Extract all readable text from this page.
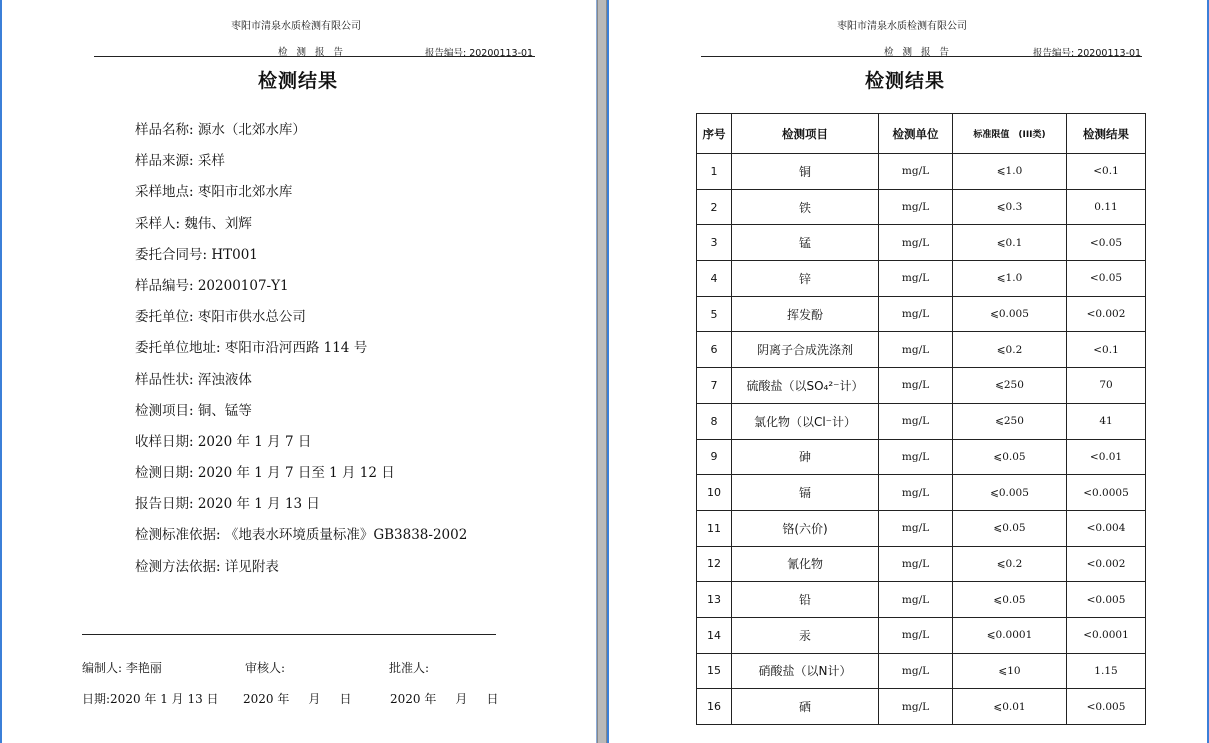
枣阳市清泉水质检测有限公司
检 测 报 告	报告编号: 20200113-01
检测结果
样品名称: 源水（北郊水库）
样品来源: 采样
采样地点: 枣阳市北郊水库
采样人: 魏伟、刘辉
委托合同号: HT001
样品编号: 20200107-Y1
委托单位: 枣阳市供水总公司
委托单位地址: 枣阳市沿河西路 114 号
样品性状: 浑浊液体
检测项目: 铜、锰等
收样日期: 2020 年 1 月 7 日
检测日期: 2020 年 1 月 7 日至 1 月 12 日
报告日期: 2020 年 1 月 13 日
检测标准依据: 《地表水环境质量标准》GB3838-2002
检测方法依据: 详见附表
编制人: 李艳丽	审核人:	批准人:
日期:2020 年 1 月 13 日 2020 年     月     日	2020 年     月     日
枣阳市清泉水质检测有限公司
检 测 报 告	报告编号: 20200113-01
检测结果
序号	检测项目	检测单位	标准限值　(III类)	检测结果
1	铜	mg/L	⩽1.0	<0.1
2	铁	mg/L	⩽0.3	0.11
3	锰	mg/L	⩽0.1	<0.05
4	锌	mg/L	⩽1.0	<0.05
5	挥发酚	mg/L	⩽0.005	<0.002
6	阴离子合成洗涤剂	mg/L	⩽0.2	<0.1
7	硫酸盐（以SO₄²⁻计）	mg/L	⩽250	70
8	氯化物（以Cl⁻计）	mg/L	⩽250	41
9	砷	mg/L	⩽0.05	<0.01
10	镉	mg/L	⩽0.005	<0.0005
11	铬(六价)	mg/L	⩽0.05	<0.004
12	氰化物	mg/L	⩽0.2	<0.002
13	铅	mg/L	⩽0.05	<0.005
14	汞	mg/L	⩽0.0001	<0.0001
15	硝酸盐（以N计）	mg/L	⩽10	1.15
16	硒	mg/L	⩽0.01	<0.005
